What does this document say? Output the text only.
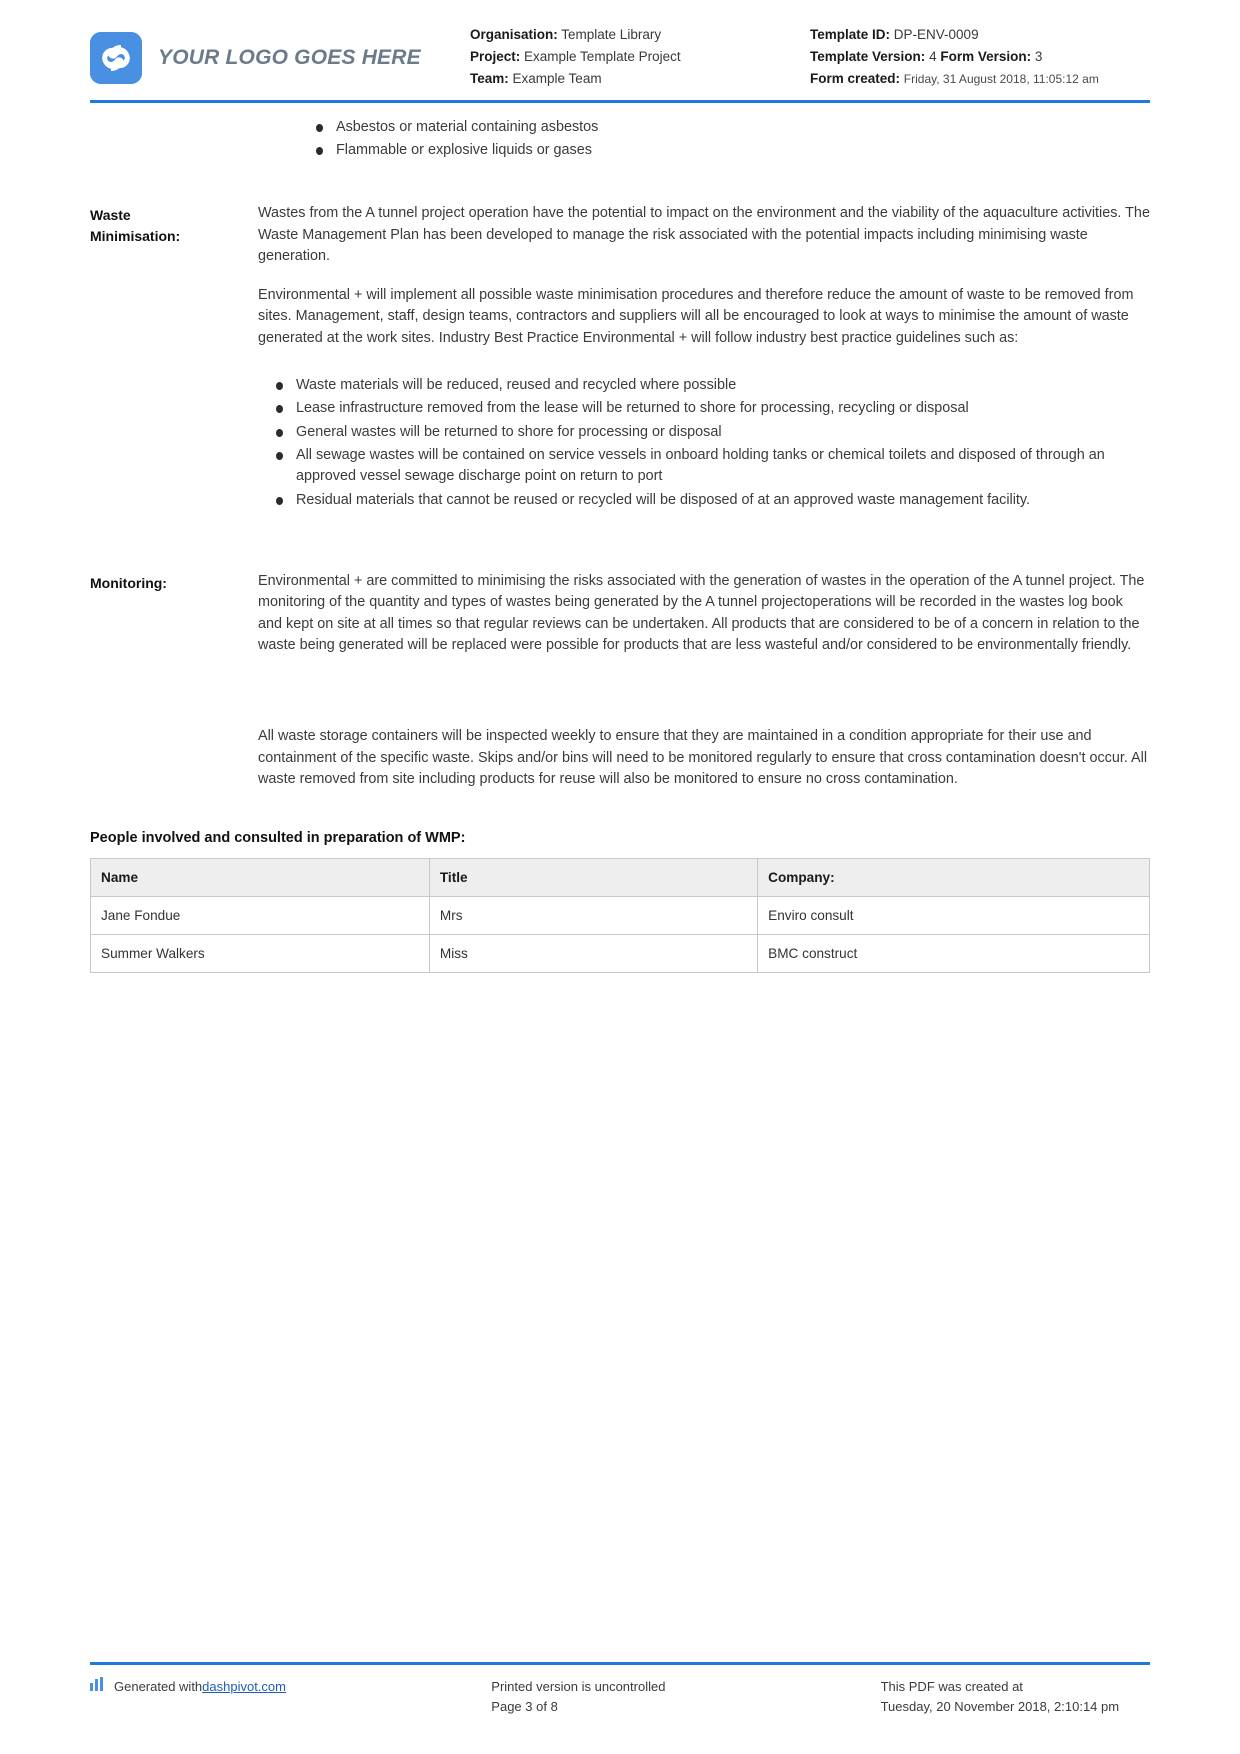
YOUR LOGO GOES HERE
Organisation: Template Library
Project: Example Template Project
Team: Example Team
Template ID: DP-ENV-0009
Template Version: 4 Form Version: 3
Form created: Friday, 31 August 2018, 11:05:12 am
Asbestos or material containing asbestos
Flammable or explosive liquids or gases
Waste
Minimisation:

Wastes from the A tunnel project operation have the potential to impact on the environment and the viability of the aquaculture activities. The Waste Management Plan has been developed to manage the risk associated with the potential impacts including minimising waste generation.

Environmental + will implement all possible waste minimisation procedures and therefore reduce the amount of waste to be removed from sites. Management, staff, design teams, contractors and suppliers will all be encouraged to look at ways to minimise the amount of waste generated at the work sites. Industry Best Practice Environmental + will follow industry best practice guidelines such as:

Waste materials will be reduced, reused and recycled where possible
Lease infrastructure removed from the lease will be returned to shore for processing, recycling or disposal
General wastes will be returned to shore for processing or disposal
All sewage wastes will be contained on service vessels in onboard holding tanks or chemical toilets and disposed of through an approved vessel sewage discharge point on return to port
Residual materials that cannot be reused or recycled will be disposed of at an approved waste management facility.
Monitoring:	Environmental + are committed to minimising the risks associated with the generation of wastes in the operation of the A tunnel project. The monitoring of the quantity and types of wastes being generated by the A tunnel projectoperations will be recorded in the wastes log book and kept on site at all times so that regular reviews can be undertaken. All products that are considered to be of a concern in relation to the waste being generated will be replaced were possible for products that are less wasteful and/or considered to be environmentally friendly.

All waste storage containers will be inspected weekly to ensure that they are maintained in a condition appropriate for their use and containment of the specific waste. Skips and/or bins will need to be monitored regularly to ensure that cross contamination doesn't occur. All waste removed from site including products for reuse will also be monitored to ensure no cross contamination.

People involved and consulted in preparation of WMP:
Name	Title	Company:
Jane Fondue	Mrs	Enviro consult
Summer Walkers	Miss	BMC construct
Generated with dashpivot.com	Printed version is uncontrolled
Page 3 of 8
This PDF was created at
Tuesday, 20 November 2018, 2:10:14 pm
